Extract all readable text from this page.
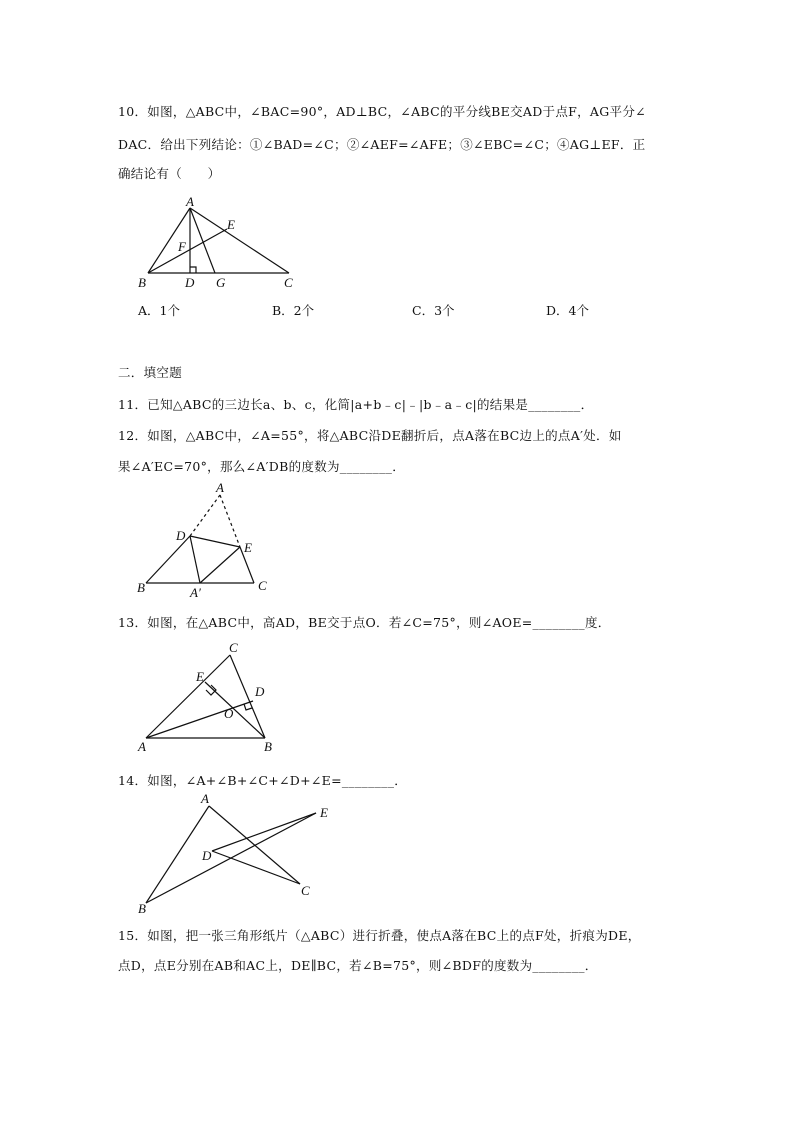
10．如图，△ABC中，∠BAC=90°，AD⊥BC，∠ABC的平分线BE交AD于点F，AG平分∠
DAC．给出下列结论：①∠BAD=∠C；②∠AEF=∠AFE；③∠EBC=∠C；④AG⊥EF．正
确结论有（　　）
A
B	C
D
E
F
G
A
B	C
D
E
A′
C
E
D
O
A	B
A
E
D
C
B
A．1个	B．2个	C．3个	D．4个
二．填空题
11．已知△ABC的三边长a、b、c，化简|a+b﹣c|﹣|b﹣a﹣c|的结果是________．
12．如图，△ABC中，∠A=55°，将△ABC沿DE翻折后，点A落在BC边上的点A′处．如
果∠A′EC=70°，那么∠A′DB的度数为________．
13．如图，在△ABC中，高AD，BE交于点O．若∠C=75°，则∠AOE=________度．
14．如图，∠A+∠B+∠C+∠D+∠E=________．
15．如图，把一张三角形纸片（△ABC）进行折叠，使点A落在BC上的点F处，折痕为DE，
点D，点E分别在AB和AC上，DE∥BC，若∠B=75°，则∠BDF的度数为________．
